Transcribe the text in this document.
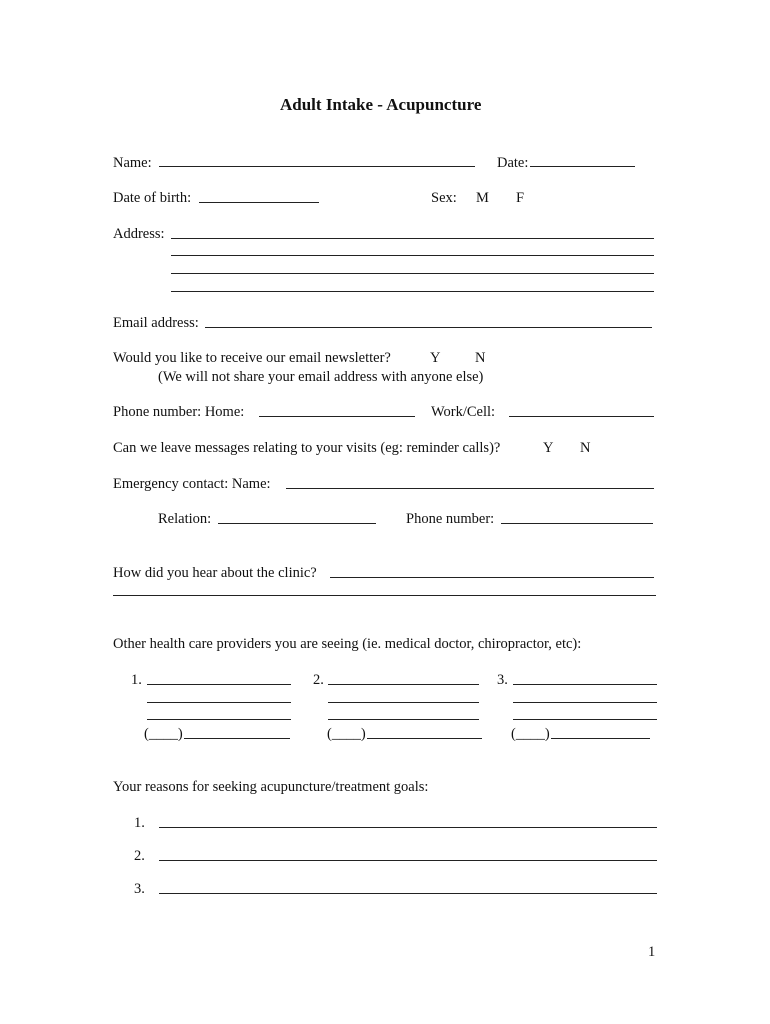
Adult Intake - Acupuncture
Name:	Date:
Date of birth:	Sex: M F
Address:
Email address:
Would you like to receive our email newsletter?	Y N
(We will not share your email address with anyone else)
Phone number: Home:	Work/Cell:
Can we leave messages relating to your visits (eg: reminder calls)?	Y N
Emergency contact: Name:
Relation:	Phone number:
How did you hear about the clinic?
Other health care providers you are seeing (ie. medical doctor, chiropractor, etc):
1.
(____)
2.
(____)
3.
(____)
Your reasons for seeking acupuncture/treatment goals:
1.
2.
3.
1
